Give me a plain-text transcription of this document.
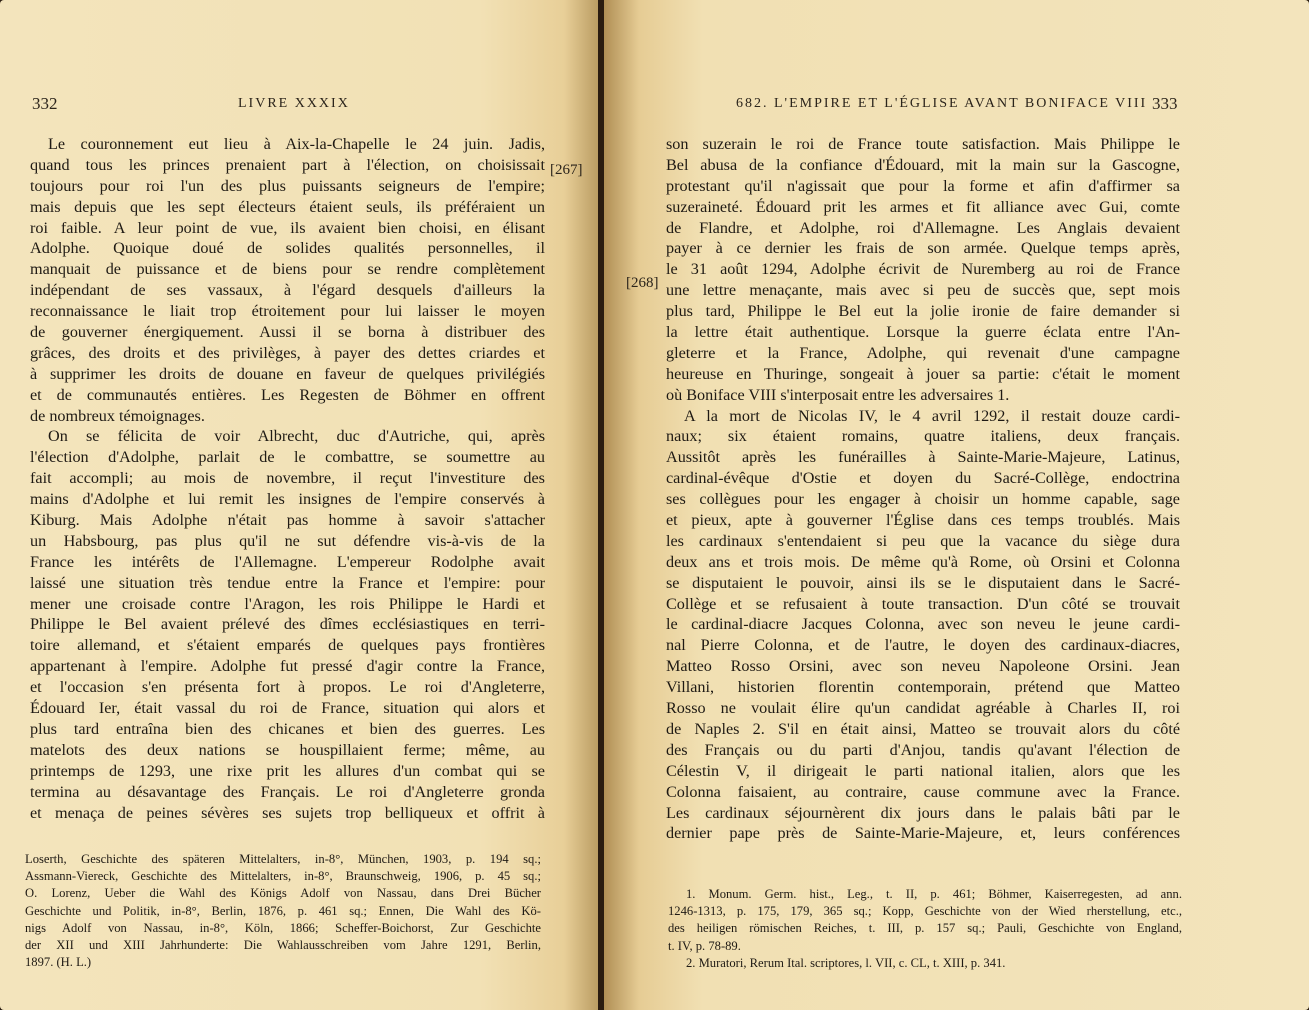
332	LIVRE XXXIX
Le couronnement eut lieu à Aix-la-Chapelle le 24 juin. Jadis,
quand tous les princes prenaient part à l'élection, on choisissait
toujours pour roi l'un des plus puissants seigneurs de l'empire;
mais depuis que les sept électeurs étaient seuls, ils préféraient un
roi faible. A leur point de vue, ils avaient bien choisi, en élisant
Adolphe. Quoique doué de solides qualités personnelles, il
manquait de puissance et de biens pour se rendre complètement
indépendant de ses vassaux, à l'égard desquels d'ailleurs la
reconnaissance le liait trop étroitement pour lui laisser le moyen
de gouverner énergiquement. Aussi il se borna à distribuer des
grâces, des droits et des privilèges, à payer des dettes criardes et
à supprimer les droits de douane en faveur de quelques privilégiés
et de communautés entières. Les Regesten de Böhmer en offrent
de nombreux témoignages.
On se félicita de voir Albrecht, duc d'Autriche, qui, après
l'élection d'Adolphe, parlait de le combattre, se soumettre au
fait accompli; au mois de novembre, il reçut l'investiture des
mains d'Adolphe et lui remit les insignes de l'empire conservés à
Kiburg. Mais Adolphe n'était pas homme à savoir s'attacher
un Habsbourg, pas plus qu'il ne sut défendre vis-à-vis de la
France les intérêts de l'Allemagne. L'empereur Rodolphe avait
laissé une situation très tendue entre la France et l'empire: pour
mener une croisade contre l'Aragon, les rois Philippe le Hardi et
Philippe le Bel avaient prélevé des dîmes ecclésiastiques en terri-
toire allemand, et s'étaient emparés de quelques pays frontières
appartenant à l'empire. Adolphe fut pressé d'agir contre la France,
et l'occasion s'en présenta fort à propos. Le roi d'Angleterre,
Édouard Ier, était vassal du roi de France, situation qui alors et
plus tard entraîna bien des chicanes et bien des guerres. Les
matelots des deux nations se houspillaient ferme; même, au
printemps de 1293, une rixe prit les allures d'un combat qui se
termina au désavantage des Français. Le roi d'Angleterre gronda
et menaça de peines sévères ses sujets trop belliqueux et offrit à
[267]
Loserth, Geschichte des späteren Mittelalters, in-8°, München, 1903, p. 194 sq.;
Assmann-Viereck, Geschichte des Mittelalters, in-8°, Braunschweig, 1906, p. 45 sq.;
O. Lorenz, Ueber die Wahl des Königs Adolf von Nassau, dans Drei Bücher
Geschichte und Politik, in-8°, Berlin, 1876, p. 461 sq.; Ennen, Die Wahl des Kö-
nigs Adolf von Nassau, in-8°, Köln, 1866; Scheffer-Boichorst, Zur Geschichte
der XII und XIII Jahrhunderte: Die Wahlausschreiben vom Jahre 1291, Berlin,
1897. (H. L.)
682. L'EMPIRE ET L'ÉGLISE AVANT BONIFACE VIII 333
[268]
son suzerain le roi de France toute satisfaction. Mais Philippe le
Bel abusa de la confiance d'Édouard, mit la main sur la Gascogne,
protestant qu'il n'agissait que pour la forme et afin d'affirmer sa
suzeraineté. Édouard prit les armes et fit alliance avec Gui, comte
de Flandre, et Adolphe, roi d'Allemagne. Les Anglais devaient
payer à ce dernier les frais de son armée. Quelque temps après,
le 31 août 1294, Adolphe écrivit de Nuremberg au roi de France
une lettre menaçante, mais avec si peu de succès que, sept mois
plus tard, Philippe le Bel eut la jolie ironie de faire demander si
la lettre était authentique. Lorsque la guerre éclata entre l'An-
gleterre et la France, Adolphe, qui revenait d'une campagne
heureuse en Thuringe, songeait à jouer sa partie: c'était le moment
où Boniface VIII s'interposait entre les adversaires 1.
A la mort de Nicolas IV, le 4 avril 1292, il restait douze cardi-
naux; six étaient romains, quatre italiens, deux français.
Aussitôt après les funérailles à Sainte-Marie-Majeure, Latinus,
cardinal-évêque d'Ostie et doyen du Sacré-Collège, endoctrina
ses collègues pour les engager à choisir un homme capable, sage
et pieux, apte à gouverner l'Église dans ces temps troublés. Mais
les cardinaux s'entendaient si peu que la vacance du siège dura
deux ans et trois mois. De même qu'à Rome, où Orsini et Colonna
se disputaient le pouvoir, ainsi ils se le disputaient dans le Sacré-
Collège et se refusaient à toute transaction. D'un côté se trouvait
le cardinal-diacre Jacques Colonna, avec son neveu le jeune cardi-
nal Pierre Colonna, et de l'autre, le doyen des cardinaux-diacres,
Matteo Rosso Orsini, avec son neveu Napoleone Orsini. Jean
Villani, historien florentin contemporain, prétend que Matteo
Rosso ne voulait élire qu'un candidat agréable à Charles II, roi
de Naples 2. S'il en était ainsi, Matteo se trouvait alors du côté
des Français ou du parti d'Anjou, tandis qu'avant l'élection de
Célestin V, il dirigeait le parti national italien, alors que les
Colonna faisaient, au contraire, cause commune avec la France.
Les cardinaux séjournèrent dix jours dans le palais bâti par le
dernier pape près de Sainte-Marie-Majeure, et, leurs conférences
1. Monum. Germ. hist., Leg., t. II, p. 461; Böhmer, Kaiserregesten, ad ann.
1246-1313, p. 175, 179, 365 sq.; Kopp, Geschichte von der Wied rherstellung, etc.,
des heiligen römischen Reiches, t. III, p. 157 sq.; Pauli, Geschichte von England,
t. IV, p. 78-89.
2. Muratori, Rerum Ital. scriptores, l. VII, c. CL, t. XIII, p. 341.
